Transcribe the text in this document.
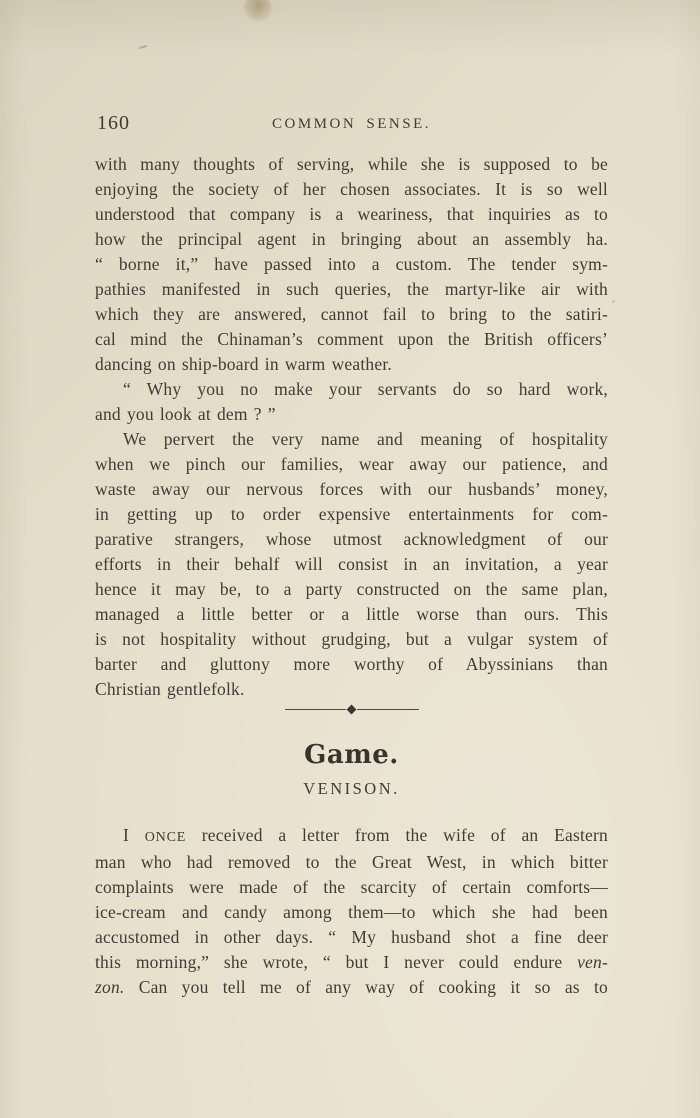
160	COMMON SENSE.
with many thoughts of serving, while she is supposed to be
enjoying the society of her chosen associates. It is so well
understood that company is a weariness, that inquiries as to
how the principal agent in bringing about an assembly ha.
“ borne it,” have passed into a custom. The tender sym-
pathies manifested in such queries, the martyr-like air with
which they are answered, cannot fail to bring to the satiri-
cal mind the Chinaman’s comment upon the British officers’
dancing on ship-board in warm weather.
“ Why you no make your servants do so hard work,
and you look at dem ? ”
We pervert the very name and meaning of hospitality
when we pinch our families, wear away our patience, and
waste away our nervous forces with our husbands’ money,
in getting up to order expensive entertainments for com-
parative strangers, whose utmost acknowledgment of our
efforts in their behalf will consist in an invitation, a year
hence it may be, to a party constructed on the same plan,
managed a little better or a little worse than ours. This
is not hospitality without grudging, but a vulgar system of
barter and gluttony more worthy of Abyssinians than
Christian gentlefolk.
Game.
VENISON.
I ONCE received a letter from the wife of an Eastern
man who had removed to the Great West, in which bitter
complaints were made of the scarcity of certain comforts—
ice-cream and candy among them—to which she had been
accustomed in other days. “ My husband shot a fine deer
this morning,” she wrote, “ but I never could endure ven-
zon. Can you tell me of any way of cooking it so as to
